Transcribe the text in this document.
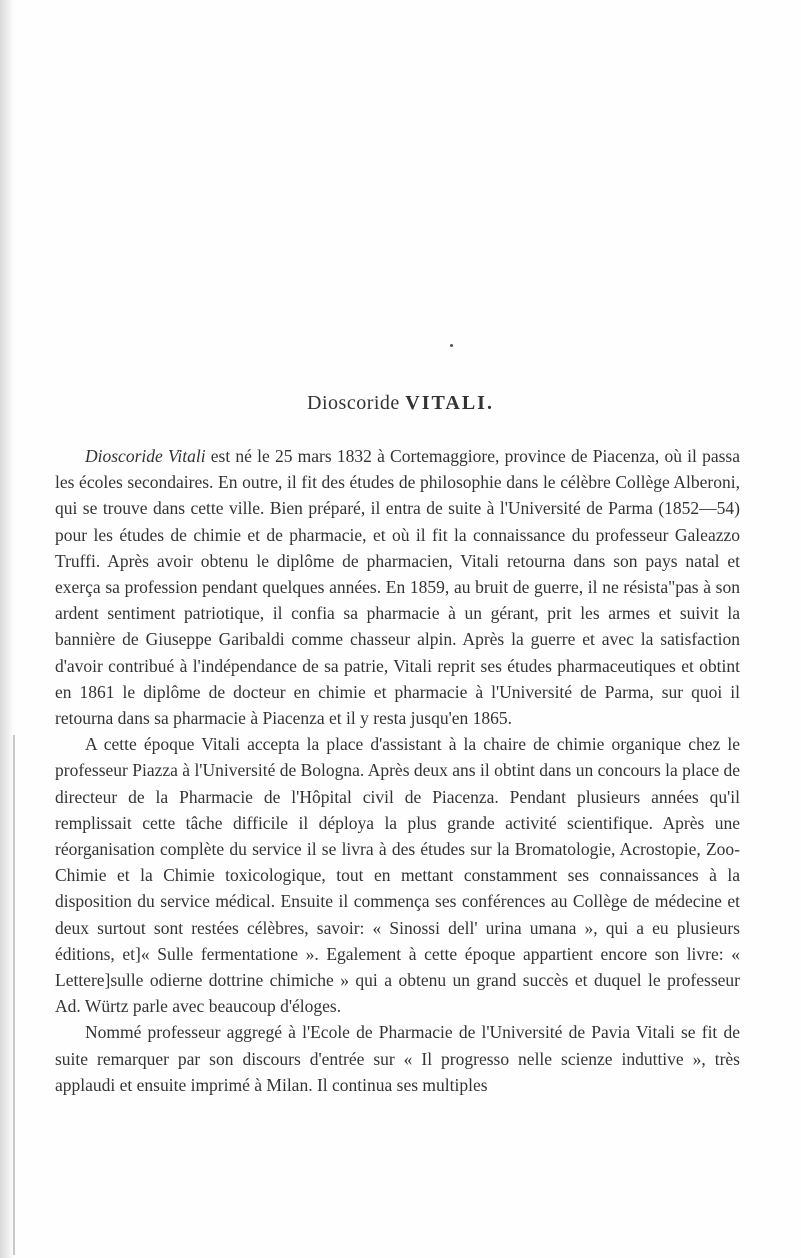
Dioscoride VITALI.

Dioscoride Vitali est né le 25 mars 1832 à Cortemaggiore, province de Piacenza, où il passa les écoles secondaires. En outre, il fit des études de philosophie dans le célèbre Collège Alberoni, qui se trouve dans cette ville. Bien préparé, il entra de suite à l'Université de Parma (1852—54) pour les études de chimie et de pharmacie, et où il fit la connaissance du professeur Galeazzo Truffi. Après avoir obtenu le diplôme de pharmacien, Vitali retourna dans son pays natal et exerça sa profession pendant quelques années. En 1859, au bruit de guerre, il ne résista"pas à son ardent sentiment patriotique, il confia sa pharmacie à un gérant, prit les armes et suivit la bannière de Giuseppe Garibaldi comme chasseur alpin. Après la guerre et avec la satisfaction d'avoir contribué à l'indépendance de sa patrie, Vitali reprit ses études pharmaceutiques et obtint en 1861 le diplôme de docteur en chimie et pharmacie à l'Université de Parma, sur quoi il retourna dans sa pharmacie à Piacenza et il y resta jusqu'en 1865.

A cette époque Vitali accepta la place d'assistant à la chaire de chimie organique chez le professeur Piazza à l'Université de Bologna. Après deux ans il obtint dans un concours la place de directeur de la Pharmacie de l'Hôpital civil de Piacenza. Pendant plusieurs années qu'il remplissait cette tâche difficile il déploya la plus grande activité scientifique. Après une réorganisation complète du service il se livra à des études sur la Bromatologie, Acrostopie, Zoo-Chimie et la Chimie toxicologique, tout en mettant constamment ses connaissances à la disposition du service médical. Ensuite il commença ses conférences au Collège de médecine et deux surtout sont restées célèbres, savoir: « Sinossi dell' urina umana », qui a eu plusieurs éditions, et]« Sulle fermentatione ». Egalement à cette époque appartient encore son livre: « Lettere]sulle odierne dottrine chimiche » qui a obtenu un grand succès et duquel le professeur Ad. Würtz parle avec beaucoup d'éloges.

Nommé professeur aggregé à l'Ecole de Pharmacie de l'Université de Pavia Vitali se fit de suite remarquer par son discours d'entrée sur « Il progresso nelle scienze induttive », très applaudi et ensuite imprimé à Milan. Il continua ses multiples
